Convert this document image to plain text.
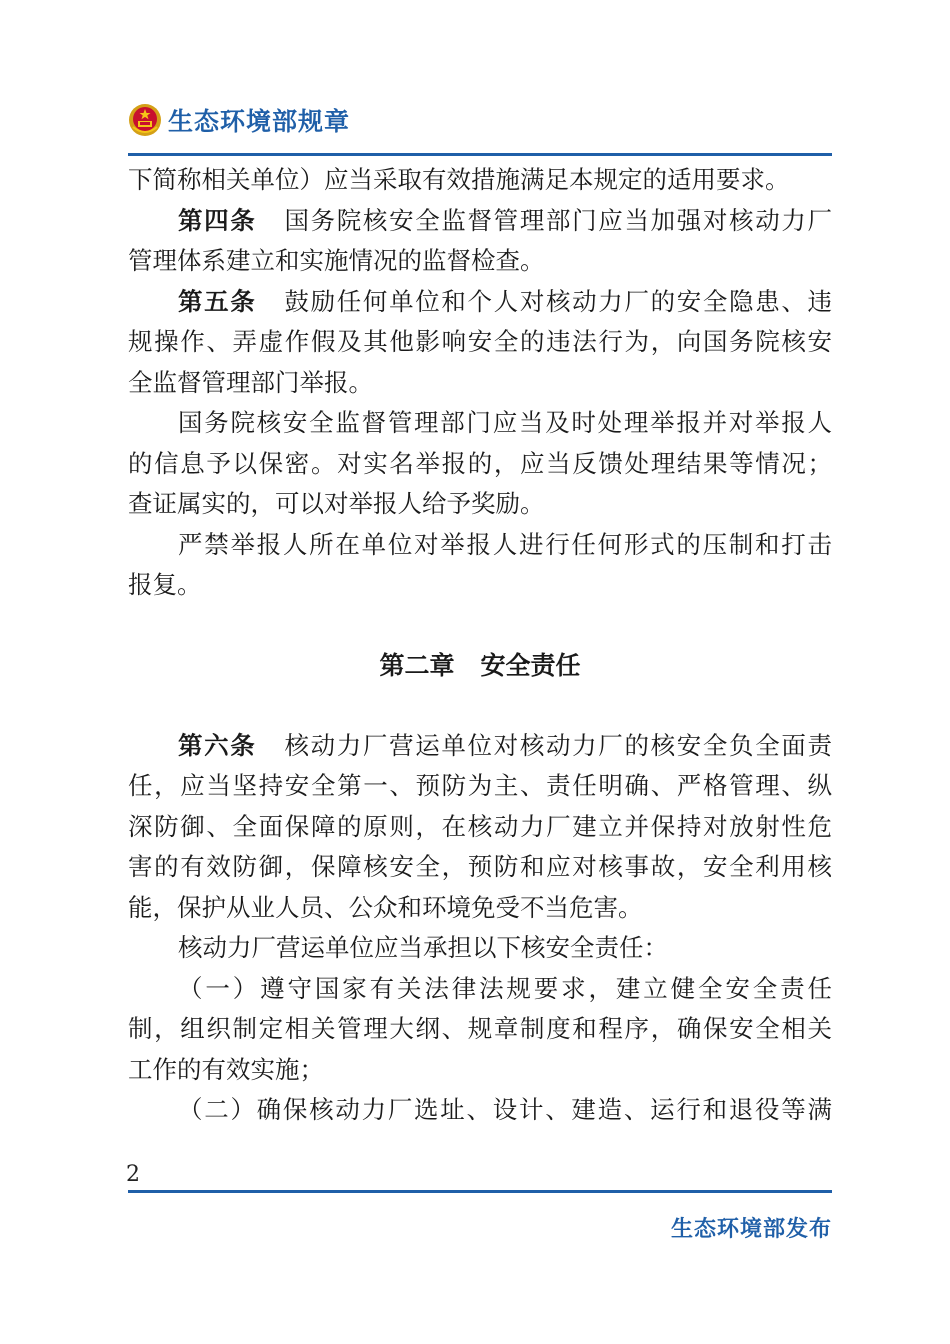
生态环境部规章
下简称相关单位）应当采取有效措施满足本规定的适用要求。
第四条 国务院核安全监督管理部门应当加强对核动力厂
管理体系建立和实施情况的监督检查。
第五条 鼓励任何单位和个人对核动力厂的安全隐患、违
规操作、弄虚作假及其他影响安全的违法行为，向国务院核安
全监督管理部门举报。
国务院核安全监督管理部门应当及时处理举报并对举报人
的信息予以保密。对实名举报的，应当反馈处理结果等情况；
查证属实的，可以对举报人给予奖励。
严禁举报人所在单位对举报人进行任何形式的压制和打击
报复。
第二章 安全责任
第六条 核动力厂营运单位对核动力厂的核安全负全面责
任，应当坚持安全第一、预防为主、责任明确、严格管理、纵
深防御、全面保障的原则，在核动力厂建立并保持对放射性危
害的有效防御，保障核安全，预防和应对核事故，安全利用核
能，保护从业人员、公众和环境免受不当危害。
核动力厂营运单位应当承担以下核安全责任：
（一）遵守国家有关法律法规要求，建立健全安全责任
制，组织制定相关管理大纲、规章制度和程序，确保安全相关
工作的有效实施；
（二）确保核动力厂选址、设计、建造、运行和退役等满
2
生态环境部发布
